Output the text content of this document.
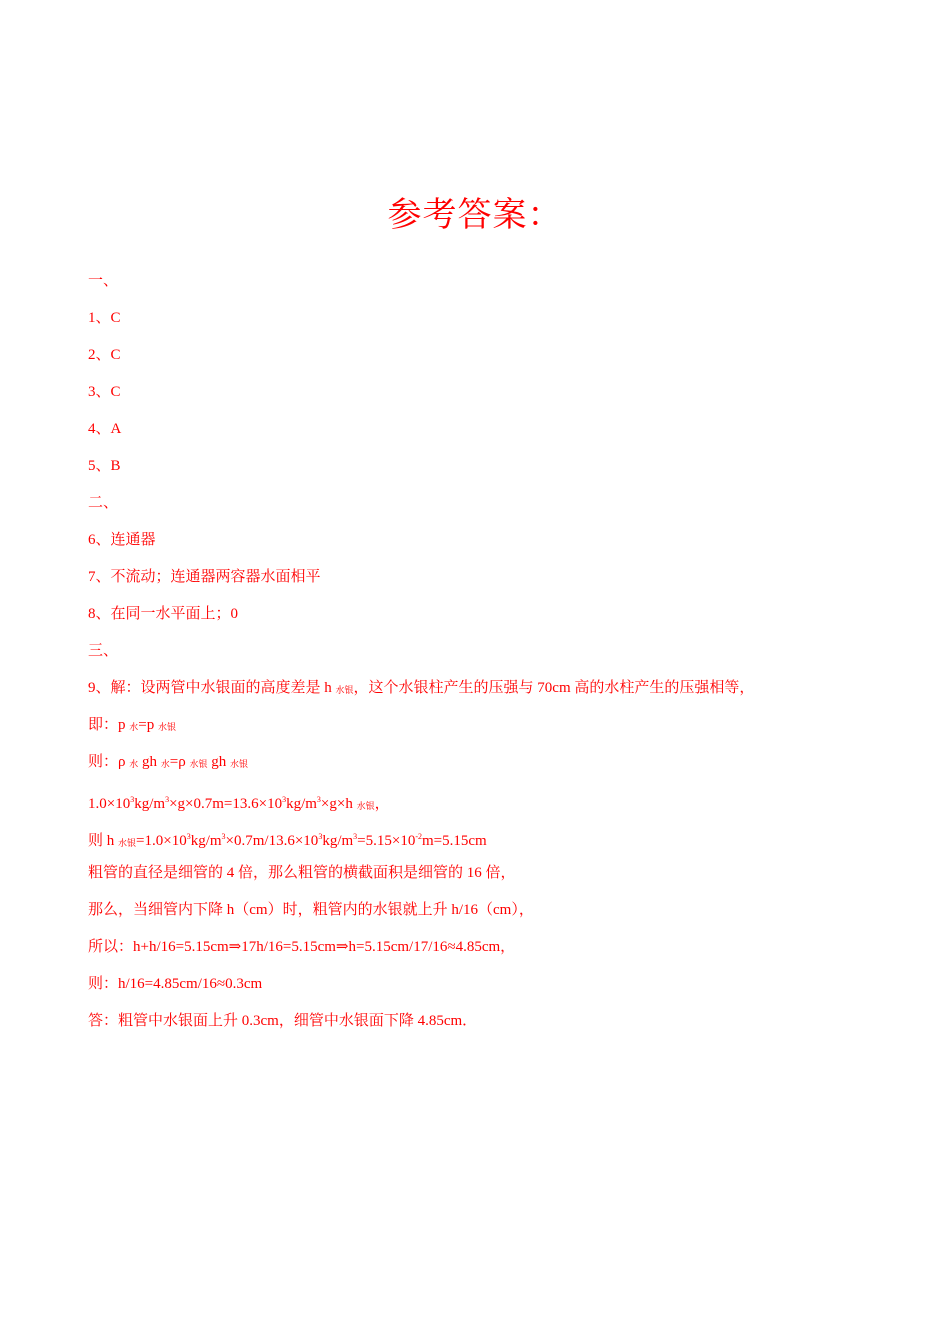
参考答案：
一、
1、C
2、C
3、C
4、A
5、B
二、
6、连通器
7、不流动；连通器两容器水面相平
8、在同一水平面上；0
三、
9、解：设两管中水银面的高度差是 h 水银，这个水银柱产生的压强与 70cm 高的水柱产生的压强相等，
即：p 水=p 水银
则：ρ 水 gh 水=ρ 水银 gh 水银
$1.0\times 10^3kg/m^3\times g\times 0.7m=13.6\times 10^3kg/m^3\times g\times h$ 水银，
则 h 水银$=1.0\times 10^3kg/m^3\times 0.7m/13.6\times 10^3kg/m^3=5.15\times 10^{-2}m=5.15cm$
粗管的直径是细管的 4 倍，那么粗管的横截面积是细管的 16 倍，
那么，当细管内下降 h（cm）时，粗管内的水银就上升 h/16（cm），
所以：h+h/16=5.15cm⇒17h/16=5.15cm⇒h=5.15cm/17/16≈4.85cm，
则：h/16=4.85cm/16≈0.3cm
答：粗管中水银面上升 0.3cm，细管中水银面下降 4.85cm．
